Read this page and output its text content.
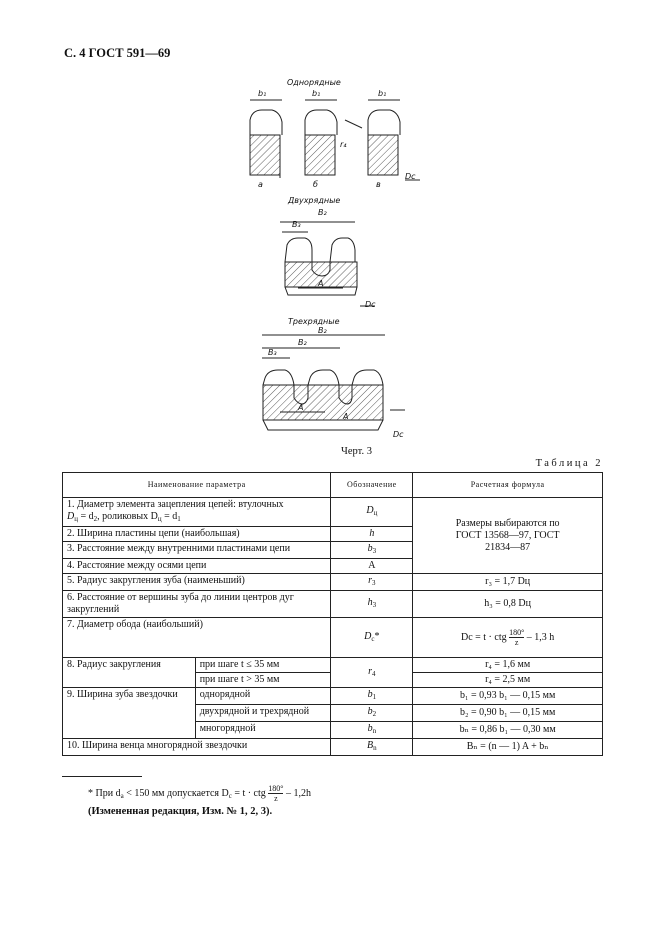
С. 4 ГОСТ 591—69
Однорядные
Двухрядные
Трехрядные
а	б	в
b₁	b₁	b₁
r₄
Dc
B₂
B₃
A
Dc
B₂
B₂
B₃
A
A
Dc
Черт. 3
Таблица 2
Наименование параметра		Обозначение	Расчетная формула
1. Диаметр элемента зацепления цепей: втулочных
$D_ц = d_2$, роликовых $D_ц = d_1$		$D_ц$	Размеры выбираются по ГОСТ 13568—97, ГОСТ 21834—87
2. Ширина пластины цепи (наибольшая)		h	
3. Расстояние между внутренними пластинами цепи		$b_3$
4. Расстояние между осями цепи		A	
5. Радиус закругления зуба (наименьший)		$r_3$	r₃ = 1,7 Dц
6. Расстояние от вершины зуба до линии центров дуг закруглений		$h_3$	h₃ = 0,8 Dц
7. Диаметр обода (наибольший)		$D_с*$	Dс = t · ctg $\frac{180^\circ}{z} - 1,3$ h
8. Радиус закругления	при шаге t ≤ 35 мм	$r_4$	r₄ = 1,6 мм
	при шаге t > 35 мм		r₄ = 2,5 мм
9. Ширина зуба звездочки	однорядной	$b_1$	b₁ = 0,93 b₁ — 0,15 мм
	двухрядной и трехрядной	$b_2$	b₂ = 0,90 b₁ — 0,15 мм
	многорядной	$b_n$	bₙ = 0,86 b₁ — 0,30 мм
10. Ширина венца многорядной звездочки		$B_n$	Bₙ = (n — 1) A + bₙ
* При $d_а < 150$ мм допускается $D_с = t$ · ctg $\frac{180^\circ}{z} - 1,2h$
(Измененная редакция, Изм. № 1, 2, 3).
